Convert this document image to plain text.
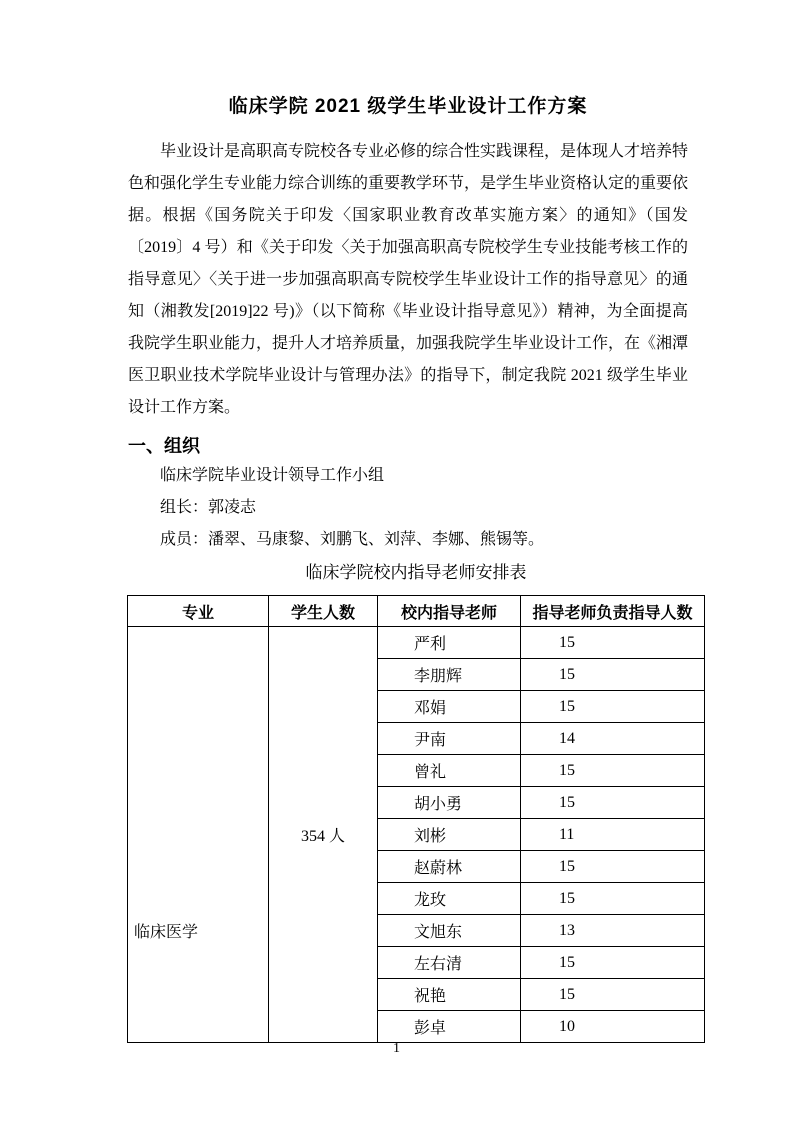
临床学院 2021 级学生毕业设计工作方案

毕业设计是高职高专院校各专业必修的综合性实践课程，是体现人才培养特色和强化学生专业能力综合训练的重要教学环节，是学生毕业资格认定的重要依据。根据《国务院关于印发〈国家职业教育改革实施方案〉的通知》（国发〔2019〕4 号）和《关于印发〈关于加强高职高专院校学生专业技能考核工作的指导意见〉〈关于进一步加强高职高专院校学生毕业设计工作的指导意见〉的通知（湘教发[2019]22 号)》（以下简称《毕业设计指导意见》）精神，为全面提高我院学生职业能力，提升人才培养质量，加强我院学生毕业设计工作，在《湘潭医卫职业技术学院毕业设计与管理办法》的指导下，制定我院 2021 级学生毕业设计工作方案。

一、组织
临床学院毕业设计领导工作小组
组长：郭凌志
成员：潘翠、马康黎、刘鹏飞、刘萍、李娜、熊锡等。
临床学院校内指导老师安排表
专业	学生人数	校内指导老师	指导老师负责指导人数
临床医学	354 人	严利	15
		李朋辉	15
		邓娟	15
		尹南	14
		曾礼	15
		胡小勇	15
		刘彬	11
		赵蔚林	15
		龙玫	15
		文旭东	13
		左右清	15
		祝艳	15
		彭卓	10
1
